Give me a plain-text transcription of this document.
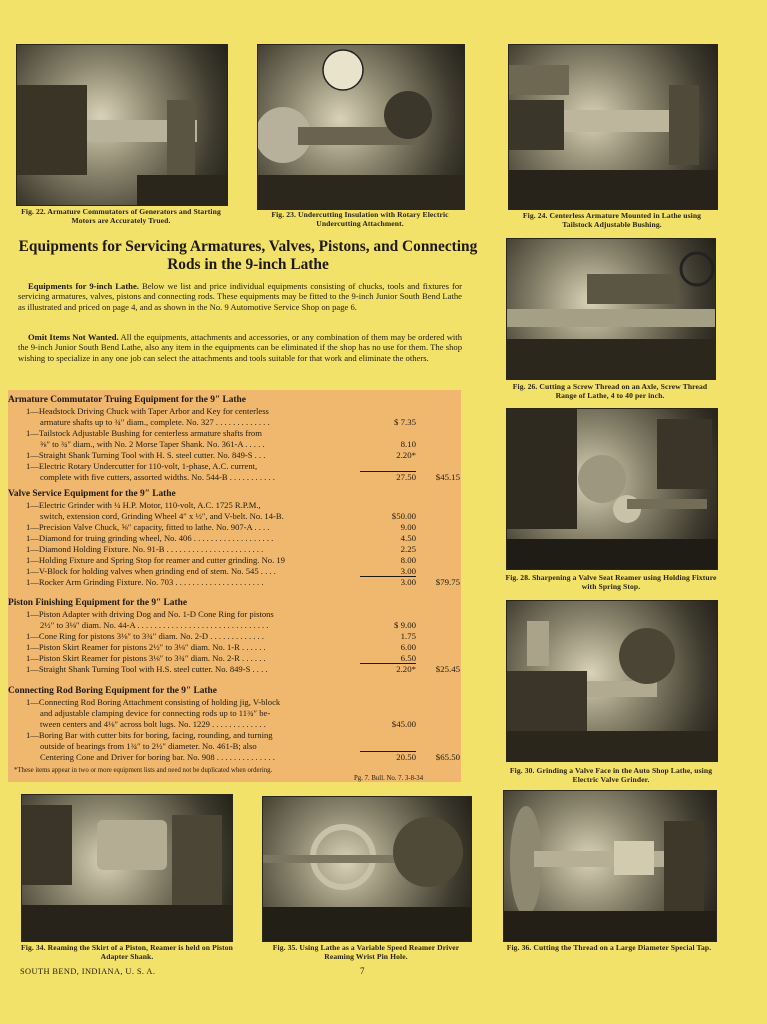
Fig. 22. Armature Commutators of Generators and Starting Motors are Accurately Trued.
Fig. 23. Undercutting Insulation with Rotary Electric Undercutting Attachment.
Fig. 24. Centerless Armature Mounted in Lathe using Tailstock Adjustable Bushing.
Equipments for Servicing Armatures, Valves, Pistons, and Connecting Rods in the 9-inch Lathe

Equipments for 9-inch Lathe. Below we list and price individual equipments consisting of chucks, tools and fixtures for servicing armatures, valves, pistons and connecting rods. These equipments may be fitted to the 9-inch Junior South Bend Lathe as illustrated and priced on page 4, and as shown in the No. 9 Automotive Service Shop on page 6.

Omit Items Not Wanted. All the equipments, attachments and accessories, or any combination of them may be ordered with the 9-inch Junior South Bend Lathe, also any item in the equipments can be eliminated if the shop has no use for them. The shop wishing to specialize in any one job can select the attachments and tools suitable for that work and eliminate the others.

Fig. 26. Cutting a Screw Thread on an Axle, Screw Thread Range of Lathe, 4 to 40 per inch.
Fig. 28. Sharpening a Valve Seat Reamer using Holding Fixture with Spring Stop.
Fig. 30. Grinding a Valve Face in the Auto Shop Lathe, using Electric Valve Grinder.
Armature Commutator Truing Equipment for the 9″ Lathe
1—Headstock Driving Chuck with Taper Arbor and Key for centerless
armature shafts up to ¾″ diam., complete. No. 327 . . . . . . . . . . . . .	$ 7.35
1—Tailstock Adjustable Bushing for centerless armature shafts from
⅜″ to ¾″ diam., with No. 2 Morse Taper Shank. No. 361-A . . . . .	8.10
1—Straight Shank Turning Tool with H. S. steel cutter. No. 849-S . . .	2.20*
1—Electric Rotary Undercutter for 110-volt, 1-phase, A.C. current,
complete with five cutters, assorted widths. No. 544-B . . . . . . . . . . .	27.50	$45.15
Valve Service Equipment for the 9″ Lathe
1—Electric Grinder with ¼ H.P. Motor, 110-volt, A.C. 1725 R.P.M.,
switch, extension cord, Grinding Wheel 4″ x ½″, and V-belt. No. 14-B.	$50.00
1—Precision Valve Chuck, ⅝″ capacity, fitted to lathe. No. 907-A . . . .	9.00
1—Diamond for truing grinding wheel, No. 406 . . . . . . . . . . . . . . . . . . .	4.50
1—Diamond Holding Fixture. No. 91-B . . . . . . . . . . . . . . . . . . . . . . .	2.25
1—Holding Fixture and Spring Stop for reamer and cutter grinding. No. 19	8.00
1—V-Block for holding valves when grinding end of stem. No. 545 . . . .	3.00
1—Rocker Arm Grinding Fixture. No. 703 . . . . . . . . . . . . . . . . . . . . .	3.00	$79.75
Piston Finishing Equipment for the 9″ Lathe
1—Piston Adapter with driving Dog and No. 1-D Cone Ring for pistons
2½″ to 3⅛″ diam. No. 44-A . . . . . . . . . . . . . . . . . . . . . . . . . . . . . . .	$ 9.00
1—Cone Ring for pistons 3⅛″ to 3¾″ diam. No. 2-D . . . . . . . . . . . . .	1.75
1—Piston Skirt Reamer for pistons 2½″ to 3⅛″ diam. No. 1-R . . . . . .	6.00
1—Piston Skirt Reamer for pistons 3⅛″ to 3¾″ diam. No. 2-R . . . . . .	6.50
1—Straight Shank Turning Tool with H.S. steel cutter. No. 849-S . . . .	2.20*	$25.45
Connecting Rod Boring Equipment for the 9″ Lathe
1—Connecting Rod Boring Attachment consisting of holding jig, V-block
and adjustable clamping device for connecting rods up to 11¾″ be-
tween centers and 4⅛″ across bolt lugs. No. 1229 . . . . . . . . . . . . .	$45.00
1—Boring Bar with cutter bits for boring, facing, rounding, and turning
outside of bearings from 1¾″ to 2½″ diameter. No. 461-B; also
Centering Cone and Driver for boring bar. No. 908 . . . . . . . . . . . . . .	20.50	$65.50
*These items appear in two or more equipment lists and need not be duplicated when ordering.
Pg. 7. Bull. No. 7. 3-8-34
Fig. 34. Reaming the Skirt of a Piston, Reamer is held on Piston Adapter Shank.
Fig. 35. Using Lathe as a Variable Speed Reamer Driver Reaming Wrist Pin Hole.
Fig. 36. Cutting the Thread on a Large Diameter Special Tap.
SOUTH BEND, INDIANA, U. S. A.	7
